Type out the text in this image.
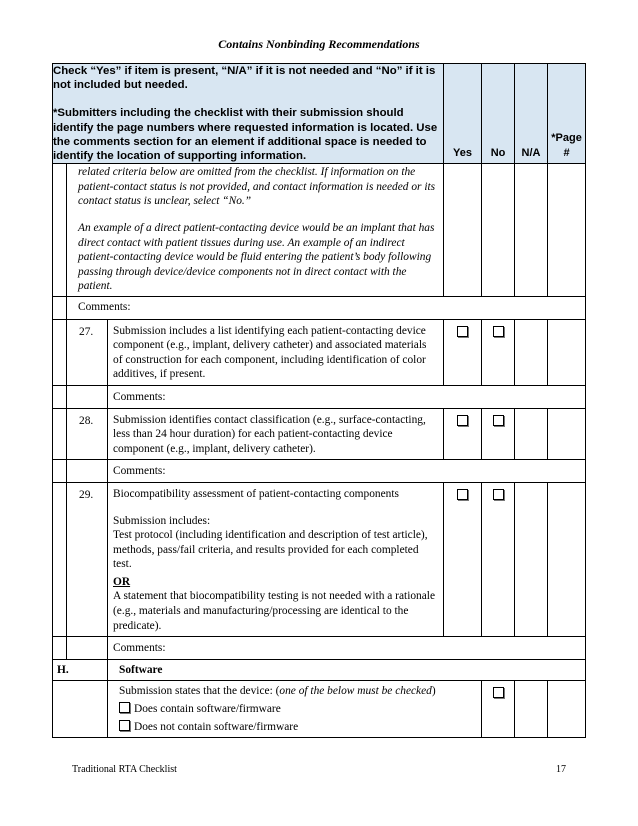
Contains Nonbinding Recommendations

Check “Yes” if item is present, “N/A” if it is not needed and “No” if it is not included but needed.

*Submitters including the checklist with their submission should identify the page numbers where requested information is located. Use the comments section for an element if additional space is needed to identify the location of supporting information.			Yes	No	N/A	*Page #

	related criteria below are omitted from the checklist. If information on the patient-contact status is not provided, and contact information is needed or its contact status is unclear, select “No.”

An example of a direct patient-contacting device would be an implant that has direct contact with patient tissues during use. An example of an indirect patient-contacting device would be fluid entering the patient’s body following passing through device/device components not in direct contact with the patient.					

	Comments:					
	27.	Submission includes a list identifying each patient-contacting device component (e.g., implant, delivery catheter) and associated materials of construction for each component, including identification of color additives, if present.				

		Comments:				
	28.	Submission identifies contact classification (e.g., surface-contacting, less than 24 hour duration) for each patient-contacting device component (e.g., implant, delivery catheter).				

		Comments:				
	29.	Biocompatibility assessment of patient-contacting components

Submission includes:

Test protocol (including identification and description of test article), methods, pass/fail criteria, and results provided for each completed test.

OR

A statement that biocompatibility testing is not needed with a rationale (e.g., materials and manufacturing/processing are identical to the predicate).				

		Comments:				
H.		Software				

		Submission states that the device: (one of the below must be checked)

Does contain software/firmware

Does not contain software/firmware				

Traditional RTA Checklist	17
